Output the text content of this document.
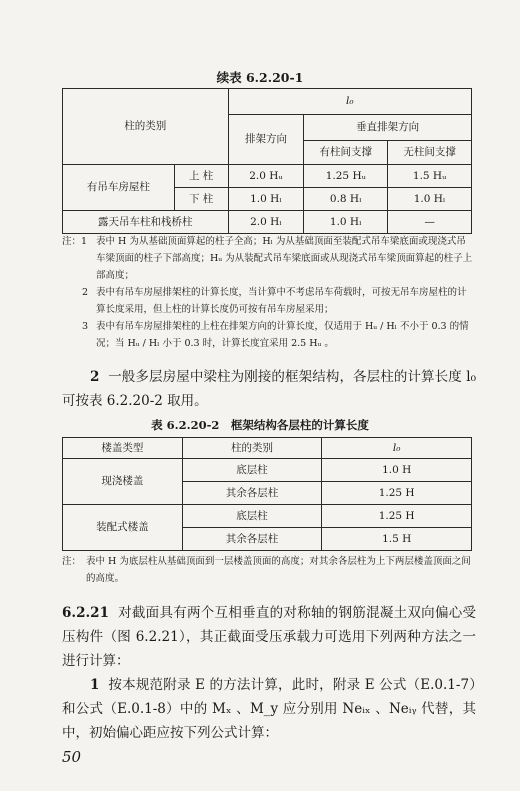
续表 6.2.20-1
柱的类别		l₀		
		排架方向	垂直排架方向	
			有柱间支撑	无柱间支撑
有吊车房屋柱	上 柱	2.0 Hᵤ	1.25 Hᵤ	1.5 Hᵤ
	下 柱	1.0 Hₗ	0.8 Hₗ	1.0 Hₗ
露天吊车柱和栈桥柱		2.0 Hₗ	1.0 Hₗ	—
注：1 表中 H 为从基础顶面算起的柱子全高；Hₗ 为从基础顶面至装配式吊车梁底面或现浇式吊车梁顶面的柱子下部高度；Hᵤ 为从装配式吊车梁底面或从现浇式吊车梁顶面算起的柱子上部高度；
2 表中有吊车房屋排架柱的计算长度，当计算中不考虑吊车荷载时，可按无吊车房屋柱的计算长度采用，但上柱的计算长度仍可按有吊车房屋采用；
3 表中有吊车房屋排架柱的上柱在排架方向的计算长度，仅适用于 Hᵤ / Hₗ 不小于 0.3 的情况；当 Hᵤ / Hₗ 小于 0.3 时，计算长度宜采用 2.5 Hᵤ 。
2 一般多层房屋中梁柱为刚接的框架结构，各层柱的计算长度 l₀ 可按表 6.2.20-2 取用。
表 6.2.20-2　框架结构各层柱的计算长度
楼盖类型	柱的类别	l₀
现浇楼盖	底层柱	1.0 H
	其余各层柱	1.25 H
装配式楼盖	底层柱	1.25 H
	其余各层柱	1.5 H
注： 表中 H 为底层柱从基础顶面到一层楼盖顶面的高度；对其余各层柱为上下两层楼盖顶面之间的高度。
6.2.21 对截面具有两个互相垂直的对称轴的钢筋混凝土双向偏心受压构件（图 6.2.21），其正截面受压承载力可选用下列两种方法之一进行计算：
1 按本规范附录 E 的方法计算，此时，附录 E 公式（E.0.1-7）和公式（E.0.1-8）中的 Mₓ 、M_y 应分别用 Neᵢₓ 、Neᵢᵧ 代替，其中，初始偏心距应按下列公式计算：
50
